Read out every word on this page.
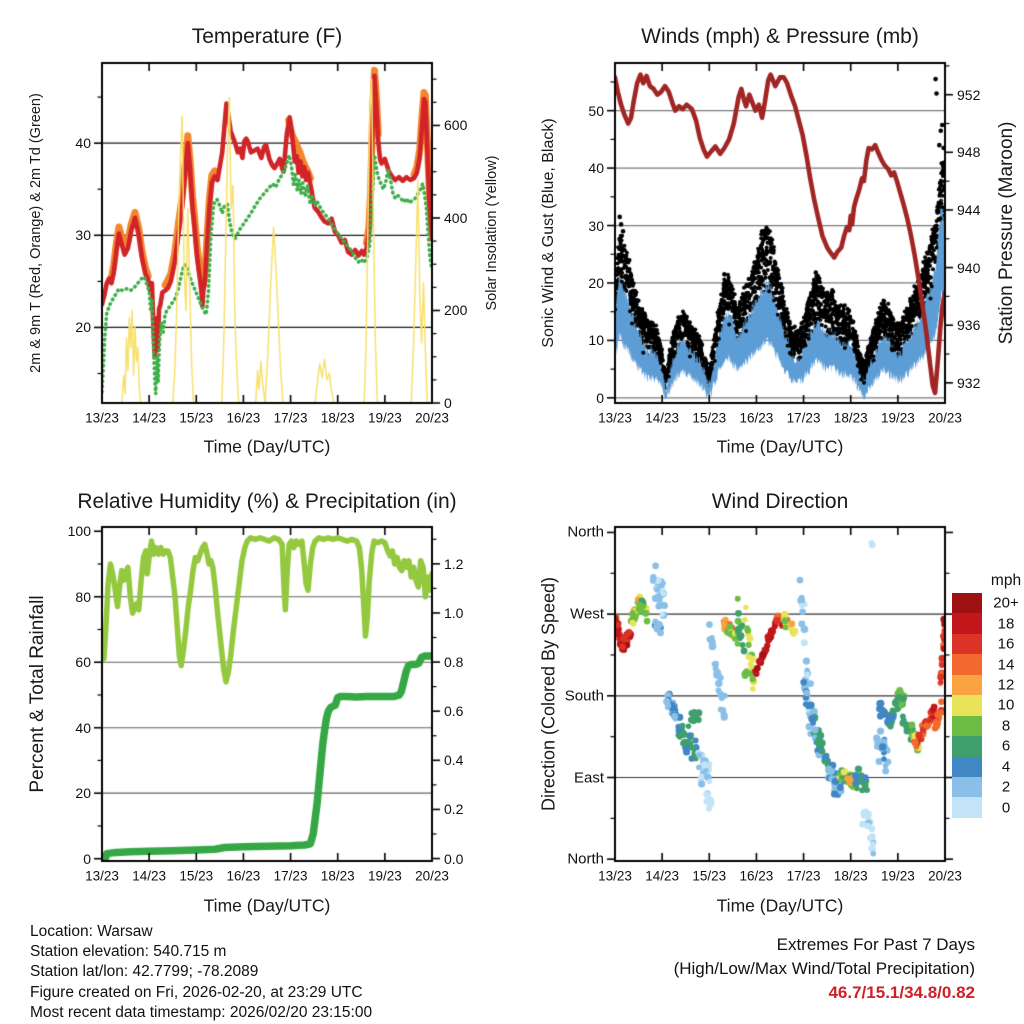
13/23 14/23 15/23 16/23 17/23 18/23 19/23 20/23
20
30
40
0
200
400
600
13/23 14/23 15/23 16/23 17/23 18/23 19/23 20/23
0
10
20
30
40
50
932
936
940
944
948
952
13/23 14/23 15/23 16/23 17/23 18/23 19/23 20/23
0
20
40
60
80
100
0.0
0.2
0.4
0.6
0.8
1.0
1.2
13/23 14/23 15/23 16/23 17/23 18/23 19/23 20/23
North
West
South
East
North
20+
18
16
14
12
10
8
6
4
2
0
Temperature (F)	Winds (mph) & Pressure (mb)
Relative Humidity (%) & Precipitation (in)	Wind Direction
Time (Day/UTC)	Time (Day/UTC)
Time (Day/UTC)	Time (Day/UTC)
2m & 9m T (Red, Orange) & 2m Td (Green)	Solar Insolation (Yellow)	Sonic Wind & Gust (Blue, Black)	Station Pressure (Maroon)
Percent & Total Rainfall	Direction (Colored By Speed)	mph
Location: Warsaw
Station elevation: 540.715 m
Station lat/lon: 42.7799; -78.2089
Figure created on Fri, 2026-02-20, at 23:29 UTC
Most recent data timestamp: 2026/02/20 23:15:00
Extremes For Past 7 Days
(High/Low/Max Wind/Total Precipitation)
46.7/15.1/34.8/0.82
